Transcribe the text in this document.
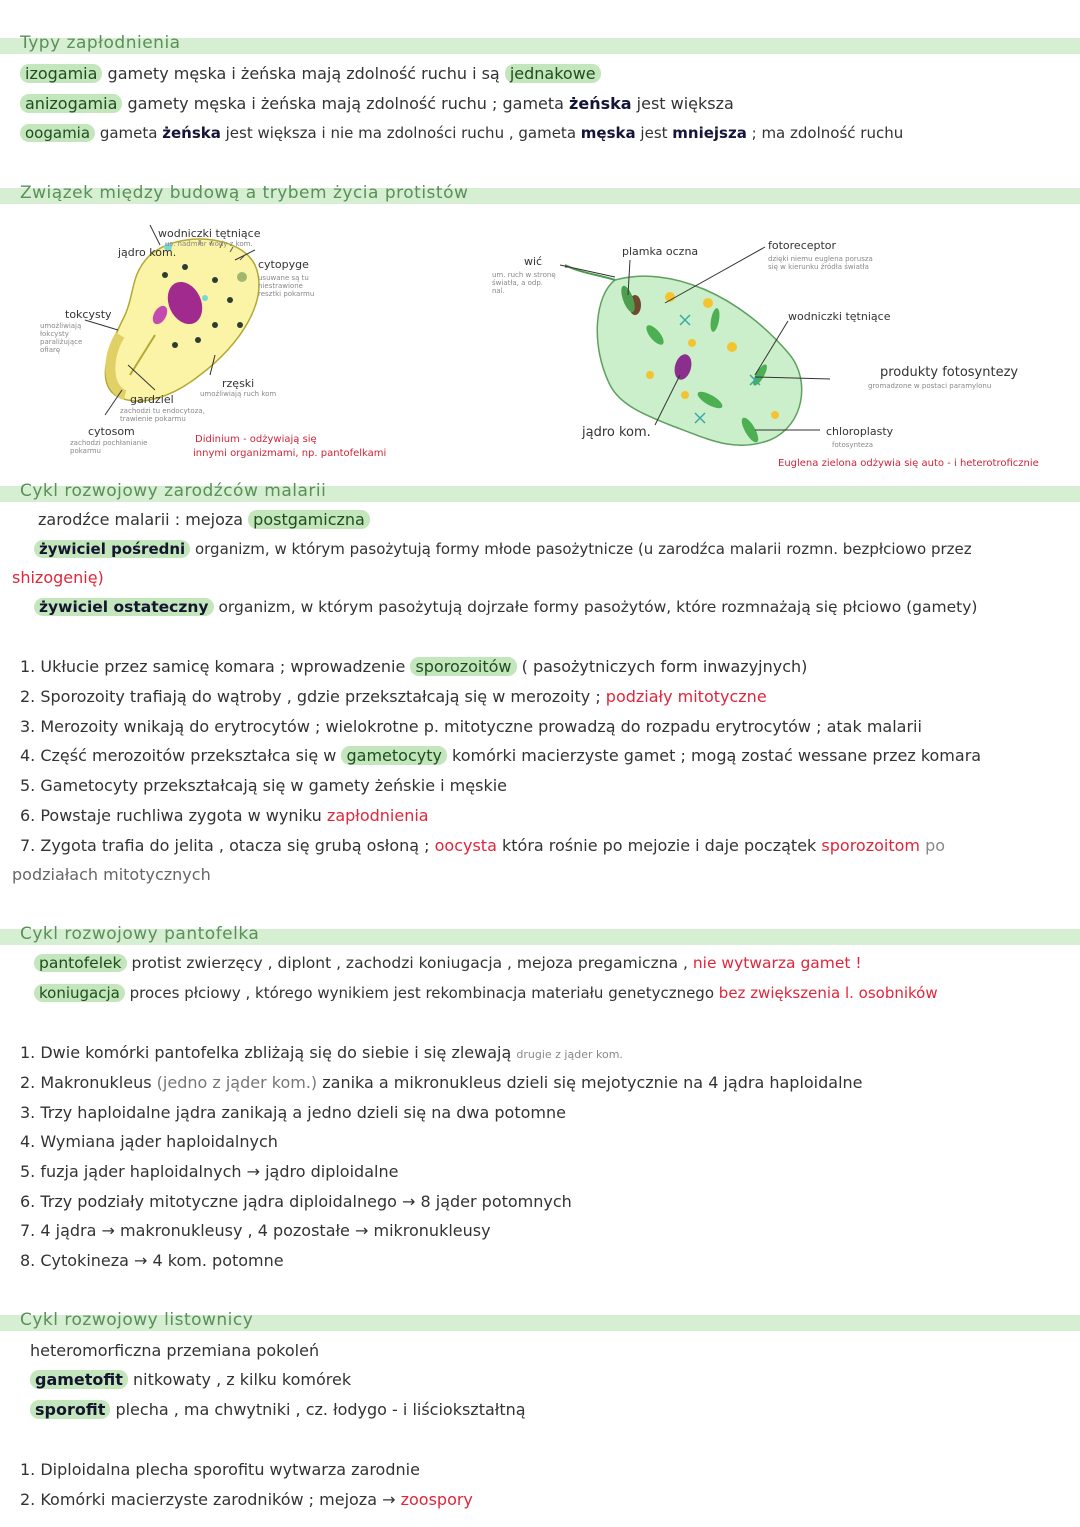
Typy zapłodnienia
izogamia gamety męska i żeńska mają zdolność ruchu i są jednakowe
anizogamia gamety męska i żeńska mają zdolność ruchu ; gameta żeńska jest większa
oogamia gameta żeńska jest większa i nie ma zdolności ruchu , gameta męska jest mniejsza ; ma zdolność ruchu
Związek między budową a trybem życia protistów
wodniczki tętniące
us. nadmiar wody z kom.
jądro kom.
cytopyge
usuwane są tu niestrawione resztki pokarmu
tokcysty
umożliwiają łokcysty paraliżujące ofiarę
rzęski
umożliwiają ruch kom
gardziel
zachodzi tu endocytoza, trawienie pokarmu
cytosom
zachodzi pochłanianie pokarmu
Didinium - odżywiają się
innymi organizmami, np. pantofelkami
wić
um. ruch w stronę światła, a odp. nal.
plamka oczna	fotoreceptor
dzięki niemu euglena porusza się w kierunku źródła światła
wodniczki tętniące
produkty fotosyntezy
gromadzone w postaci paramylonu
jądro kom.	chloroplasty
fotosynteza
Euglena zielona odżywia się auto - i heterotroficznie
Cykl rozwojowy zarodźców malarii
zarodźce malarii : mejoza postgamiczna
żywiciel pośredni organizm, w którym pasożytują formy młode pasożytnicze (u zarodźca malarii rozmn. bezpłciowo przez
shizogenię)
żywiciel ostateczny organizm, w którym pasożytują dojrzałe formy pasożytów, które rozmnażają się płciowo (gamety)
1. Ukłucie przez samicę komara ; wprowadzenie sporozoitów ( pasożytniczych form inwazyjnych)
2. Sporozoity trafiają do wątroby , gdzie przekształcają się w merozoity ; podziały mitotyczne
3. Merozoity wnikają do erytrocytów ; wielokrotne p. mitotyczne prowadzą do rozpadu erytrocytów ; atak malarii
4. Część merozoitów przekształca się w gametocyty komórki macierzyste gamet ; mogą zostać wessane przez komara
5. Gametocyty przekształcają się w gamety żeńskie i męskie
6. Powstaje ruchliwa zygota w wyniku zapłodnienia
7. Zygota trafia do jelita , otacza się grubą osłoną ; oocysta która rośnie po mejozie i daje początek sporozoitom po
podziałach mitotycznych
Cykl rozwojowy pantofelka
pantofelek protist zwierzęcy , diplont , zachodzi koniugacja , mejoza pregamiczna , nie wytwarza gamet !
koniugacja proces płciowy , którego wynikiem jest rekombinacja materiału genetycznego bez zwiększenia l. osobników
1. Dwie komórki pantofelka zbliżają się do siebie i się zlewają drugie z jąder kom.
2. Makronukleus (jedno z jąder kom.) zanika a mikronukleus dzieli się mejotycznie na 4 jądra haploidalne
3. Trzy haploidalne jądra zanikają a jedno dzieli się na dwa potomne
4. Wymiana jąder haploidalnych
5. fuzja jąder haploidalnych → jądro diploidalne
6. Trzy podziały mitotyczne jądra diploidalnego → 8 jąder potomnych
7. 4 jądra → makronukleusy , 4 pozostałe → mikronukleusy
8. Cytokineza → 4 kom. potomne
Cykl rozwojowy listownicy
heteromorficzna przemiana pokoleń
gametofit nitkowaty , z kilku komórek
sporofit plecha , ma chwytniki , cz. łodygo - i liściokształtną
1. Diploidalna plecha sporofitu wytwarza zarodnie
2. Komórki macierzyste zarodników ; mejoza → zoospory
